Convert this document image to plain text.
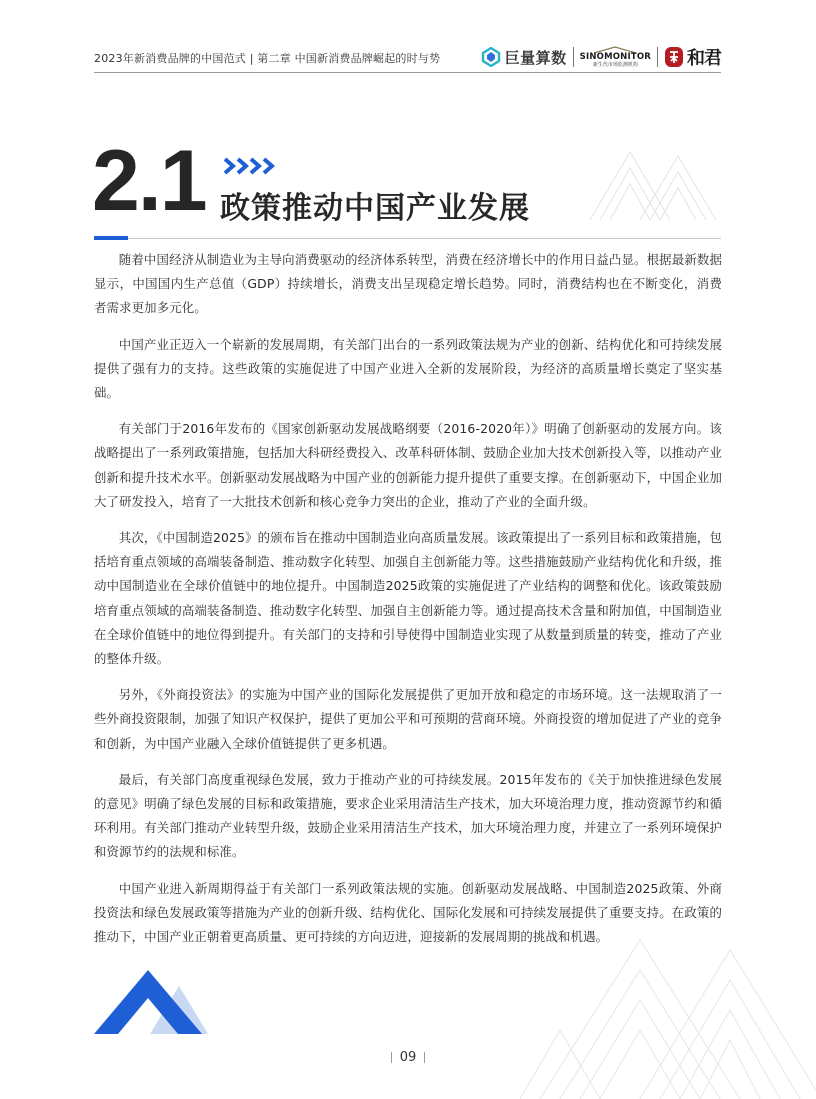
2023年新消费品牌的中国范式 | 第二章 中国新消费品牌崛起的时与势	巨量算数 SINOMONITOR
新生代市场监测机构	和君
2.1 政策推动中国产业发展

随着中国经济从制造业为主导向消费驱动的经济体系转型，消费在经济增长中的作用日益凸显。根据最新数据显示，中国国内生产总值（GDP）持续增长，消费支出呈现稳定增长趋势。同时，消费结构也在不断变化，消费者需求更加多元化。

中国产业正迈入一个崭新的发展周期，有关部门出台的一系列政策法规为产业的创新、结构优化和可持续发展提供了强有力的支持。这些政策的实施促进了中国产业进入全新的发展阶段，为经济的高质量增长奠定了坚实基础。

有关部门于2016年发布的《国家创新驱动发展战略纲要（2016-2020年）》明确了创新驱动的发展方向。该战略提出了一系列政策措施，包括加大科研经费投入、改革科研体制、鼓励企业加大技术创新投入等，以推动产业创新和提升技术水平。创新驱动发展战略为中国产业的创新能力提升提供了重要支撑。在创新驱动下，中国企业加大了研发投入，培育了一大批技术创新和核心竞争力突出的企业，推动了产业的全面升级。

其次，《中国制造2025》的颁布旨在推动中国制造业向高质量发展。该政策提出了一系列目标和政策措施，包括培育重点领域的高端装备制造、推动数字化转型、加强自主创新能力等。这些措施鼓励产业结构优化和升级，推动中国制造业在全球价值链中的地位提升。中国制造2025政策的实施促进了产业结构的调整和优化。该政策鼓励培育重点领域的高端装备制造、推动数字化转型、加强自主创新能力等。通过提高技术含量和附加值，中国制造业在全球价值链中的地位得到提升。有关部门的支持和引导使得中国制造业实现了从数量到质量的转变，推动了产业的整体升级。

另外，《外商投资法》的实施为中国产业的国际化发展提供了更加开放和稳定的市场环境。这一法规取消了一些外商投资限制，加强了知识产权保护，提供了更加公平和可预期的营商环境。外商投资的增加促进了产业的竞争和创新，为中国产业融入全球价值链提供了更多机遇。

最后，有关部门高度重视绿色发展，致力于推动产业的可持续发展。2015年发布的《关于加快推进绿色发展的意见》明确了绿色发展的目标和政策措施，要求企业采用清洁生产技术，加大环境治理力度，推动资源节约和循环利用。有关部门推动产业转型升级，鼓励企业采用清洁生产技术，加大环境治理力度，并建立了一系列环境保护和资源节约的法规和标准。

中国产业进入新周期得益于有关部门一系列政策法规的实施。创新驱动发展战略、中国制造2025政策、外商投资法和绿色发展政策等措施为产业的创新升级、结构优化、国际化发展和可持续发展提供了重要支持。在政策的推动下，中国产业正朝着更高质量、更可持续的方向迈进，迎接新的发展周期的挑战和机遇。

09
